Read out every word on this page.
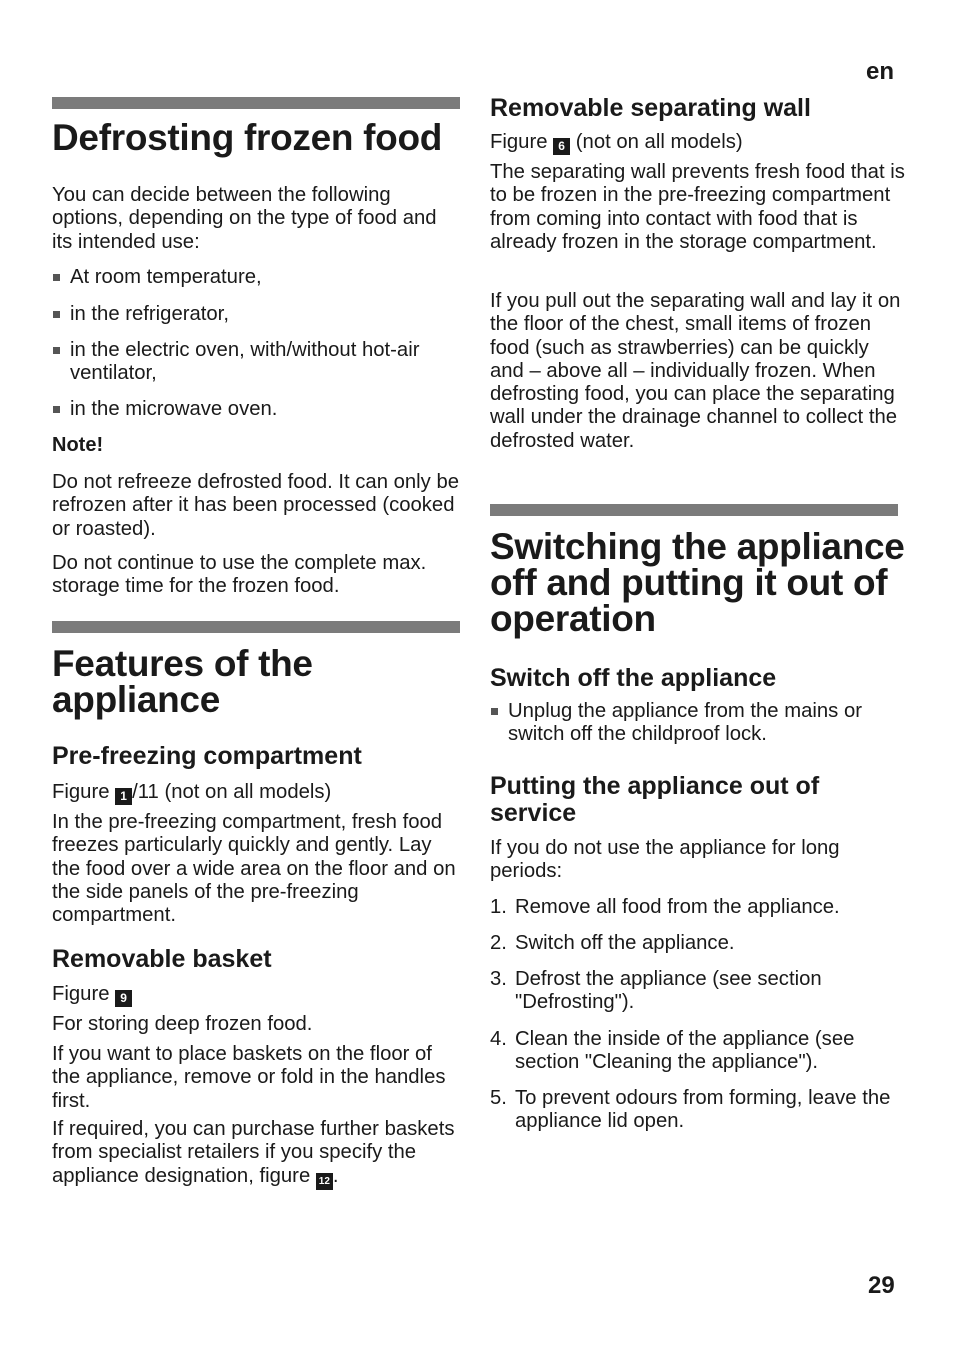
en
Defrosting frozen food

You can decide between the following options, depending on the type of food and its intended use:

At room temperature,
in the refrigerator,
in the electric oven, with/without hot-air ventilator,
in the microwave oven.
Note!

Do not refreeze defrosted food. It can only be refrozen after it has been processed (cooked or roasted).

Do not continue to use the complete max. storage time for the frozen food.

Features of the appliance
Pre-freezing compartment

Figure 1 /11 (not on all models)

In the pre-freezing compartment, fresh food freezes particularly quickly and gently. Lay the food over a wide area on the floor and on the side panels of the pre-freezing compartment.

Removable basket

Figure 9

For storing deep frozen food.

If you want to place baskets on the floor of the appliance, remove or fold in the handles first.

If required, you can purchase further baskets from specialist retailers if you specify the appliance designation, figure 12 .

Removable separating wall

Figure 6 (not on all models)

The separating wall prevents fresh food that is to be frozen in the pre-freezing compartment from coming into contact with food that is already frozen in the storage compartment.

If you pull out the separating wall and lay it on the floor of the chest, small items of frozen food (such as strawberries) can be quickly and – above all – individually frozen. When defrosting food, you can place the separating wall under the drainage channel to collect the defrosted water.

Switching the appliance off and putting it out of operation
Switch off the appliance
Unplug the appliance from the mains or switch off the childproof lock.
Putting the appliance out of service

If you do not use the appliance for long periods:

1. Remove all food from the appliance.
2. Switch off the appliance.
3. Defrost the appliance (see section "Defrosting").
4. Clean the inside of the appliance (see section "Cleaning the appliance").
5. To prevent odours from forming, leave the appliance lid open.
29
